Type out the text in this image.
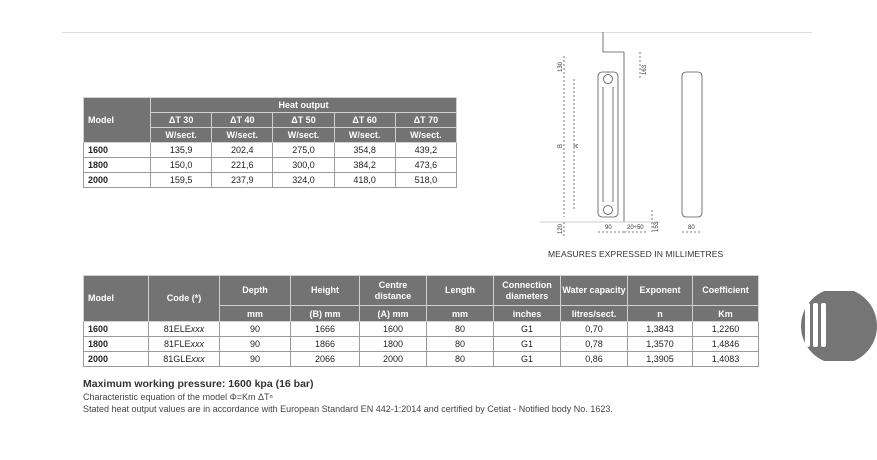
Model	Heat output				
	ΔT 30	ΔT 40	ΔT 50	ΔT 60	ΔT 70
	W/sect.	W/sect.	W/sect.	W/sect.	W/sect.
1600	135,9	202,4	275,0	354,8	439,2
1800	150,0	221,6	300,0	384,2	473,6
2000	159,5	237,9	324,0	418,0	518,0
130	163
B A
120	90	20÷50 153	80
MEASURES EXPRESSED IN MILLIMETRES
Model	Code (*)	Depth	Height	Centre distance	Length	Connection diameters	Water capacity	Exponent	Coefficient
		mm	(B) mm	(A) mm	mm	inches	litres/sect.	n	Km
1600	81ELExxx	90	1666	1600	80	G1	0,70	1,3843	1,2260
1800	81FLExxx	90	1866	1800	80	G1	0,78	1,3570	1,4846
2000	81GLExxx	90	2066	2000	80	G1	0,86	1,3905	1,4083
Maximum working pressure: 1600 kpa (16 bar)
Characteristic equation of the model Φ=Km ΔTⁿ
Stated heat output values are in accordance with European Standard EN 442-1:2014 and certified by Cetiat - Notified body No. 1623.
